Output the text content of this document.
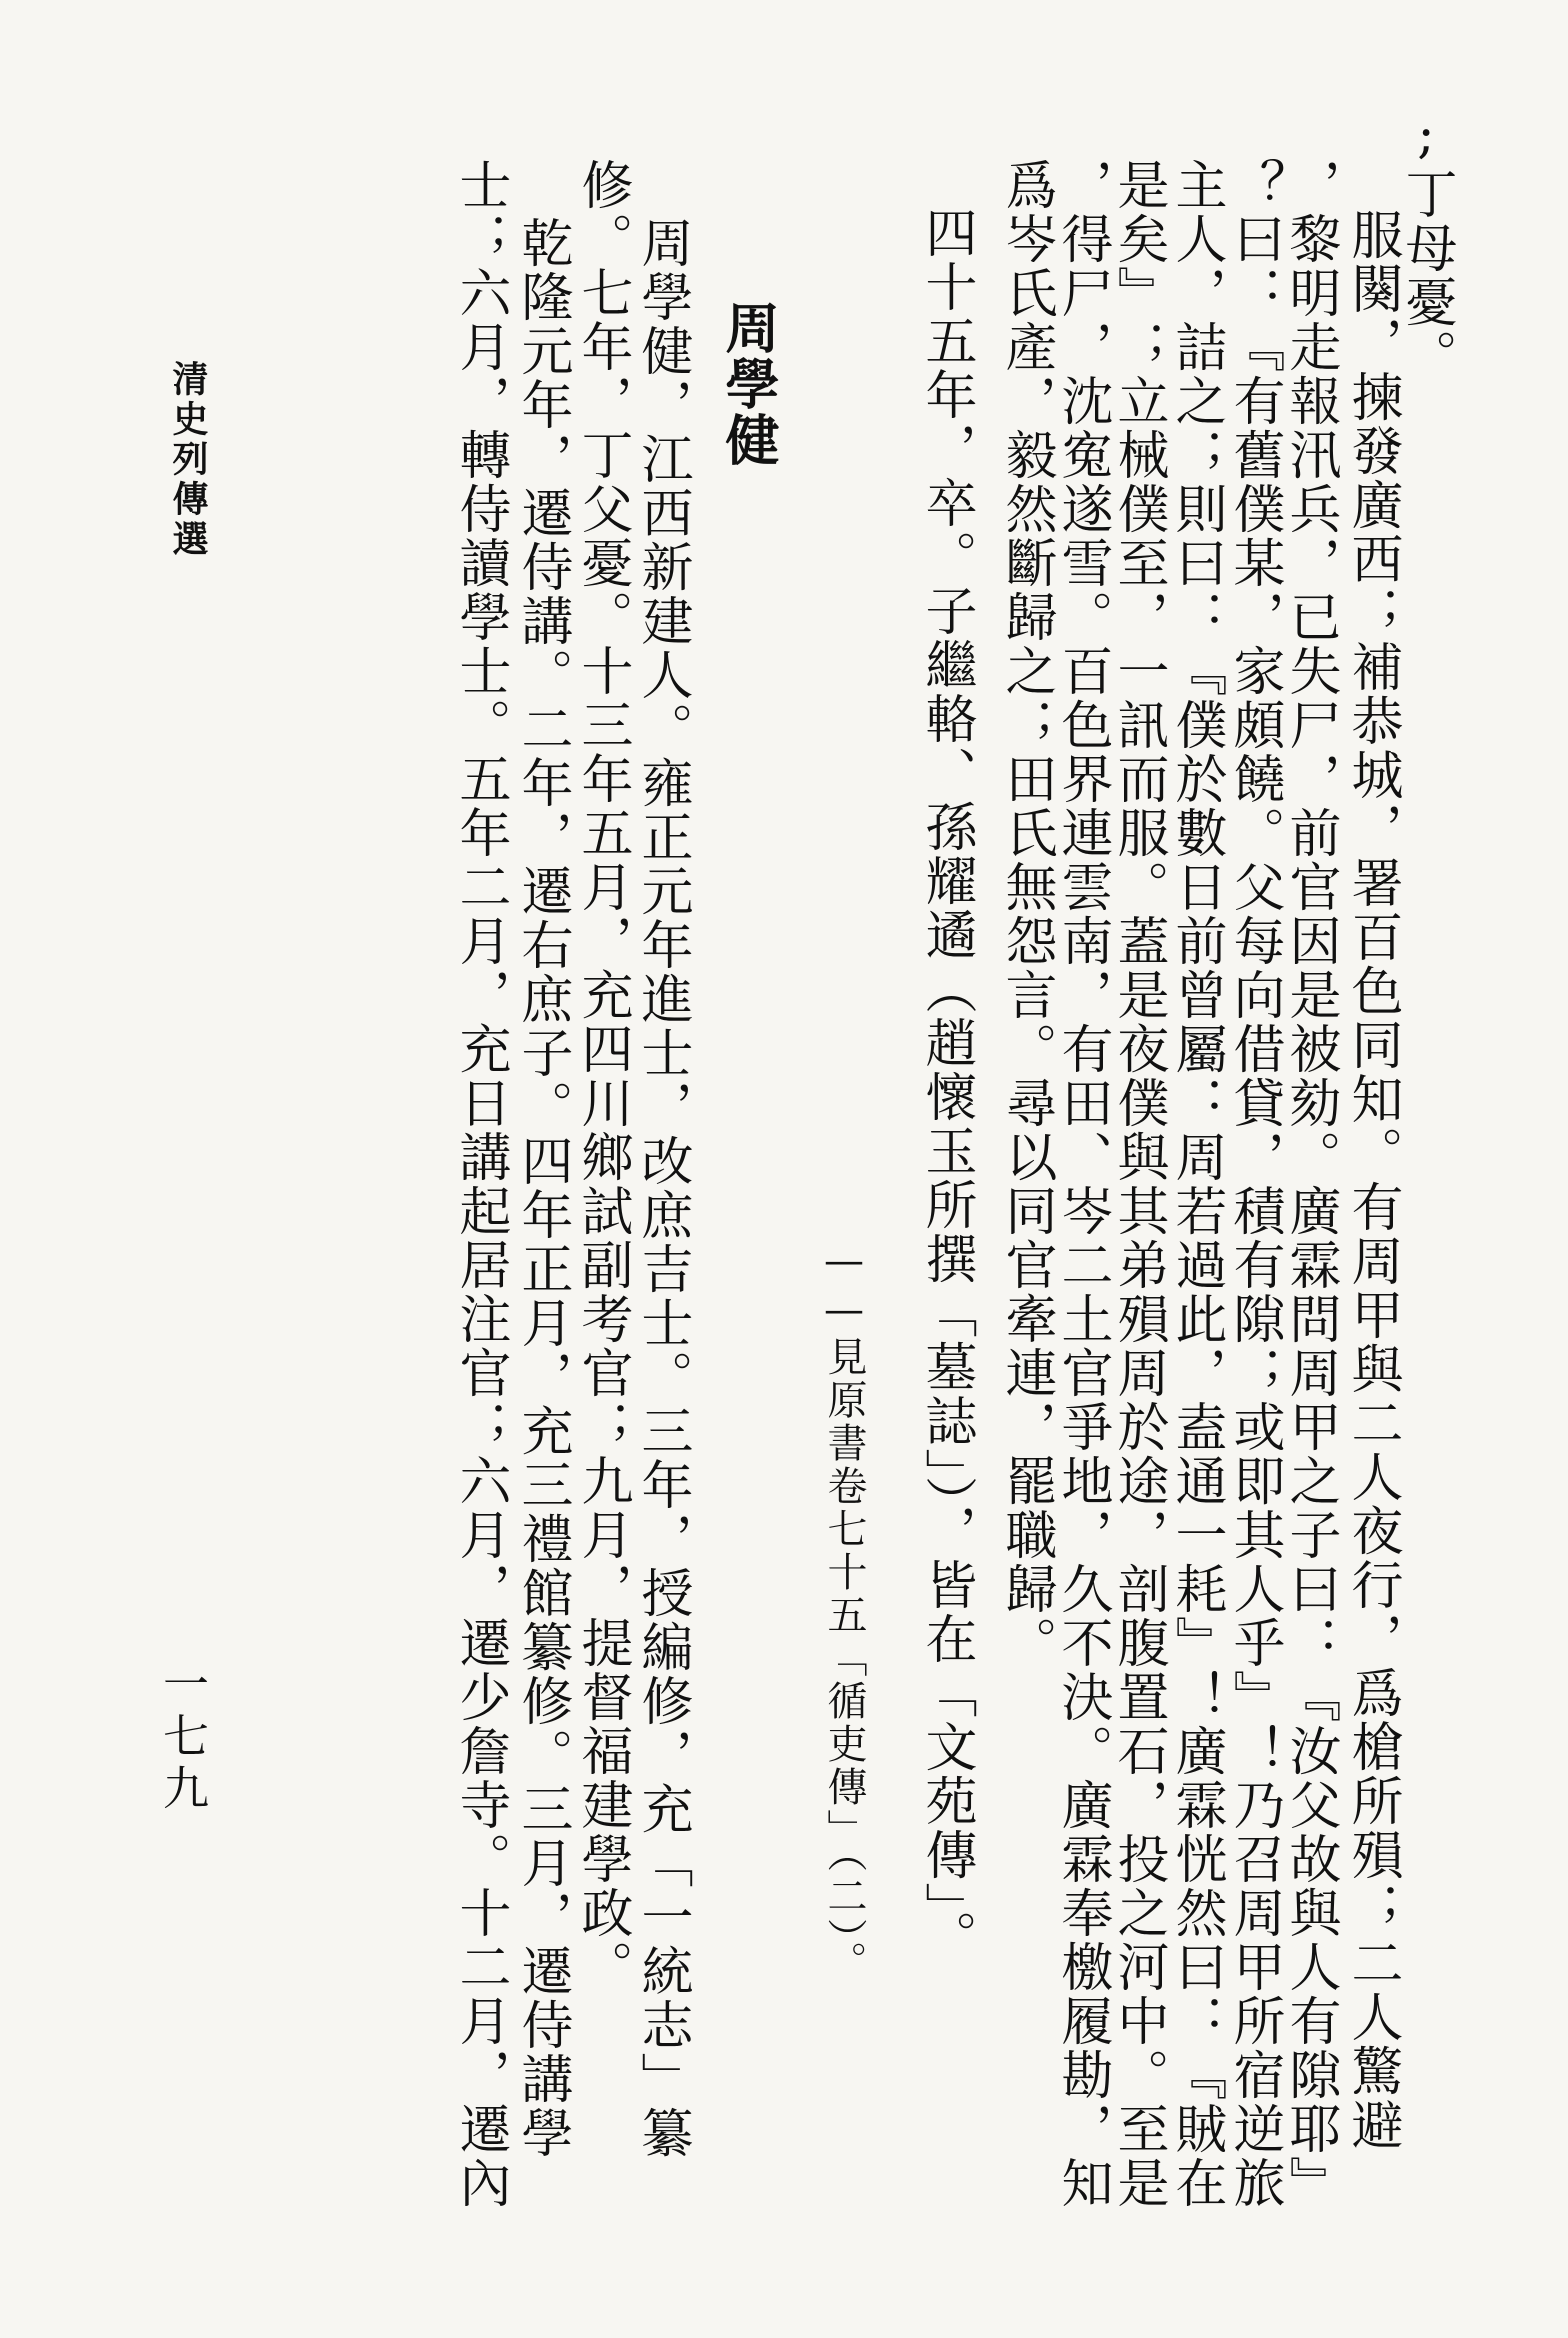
;丁母憂。
服闋，揀發廣西；補恭城，署百色同知。有周甲與二人夜行，爲槍所殞；二人驚避
，黎明走報汛兵，已失尸，前官因是被劾。廣霖問周甲之子曰：『汝父故與人有隙耶』
？曰：『有舊僕某，家頗饒。父每向借貸，積有隙；或即其人乎』！乃召周甲所宿逆旅
主人，詰之；則曰：『僕於數日前曾屬：周若過此，盍通一耗』！廣霖恍然曰：『賊在
是矣』；立械僕至，一訊而服。蓋是夜僕與其弟殞周於途，剖腹置石，投之河中。至是
，得尸，沈寃遂雪。百色界連雲南，有田、岑二土官爭地，久不決。廣霖奉檄履勘，知
爲岑氏產，毅然斷歸之；田氏無怨言。尋以同官牽連，罷職歸。
四十五年，卒。子繼輅、孫耀遹（趙懷玉所撰「墓誌」），皆在「文苑傳」。
——見原書卷七十五「循吏傳」（二）。
周學健
周學健，江西新建人。雍正元年進士，改庶吉士。三年，授編修，充「一統志」纂
修。七年，丁父憂。十三年五月，充四川鄉試副考官；九月，提督福建學政。
乾隆元年，遷侍講。二年，遷右庶子。四年正月，充三禮館纂修。三月，遷侍講學
士；六月，轉侍讀學士。五年二月，充日講起居注官；六月，遷少詹寺。十二月，遷內
清史列傳選
一七九
